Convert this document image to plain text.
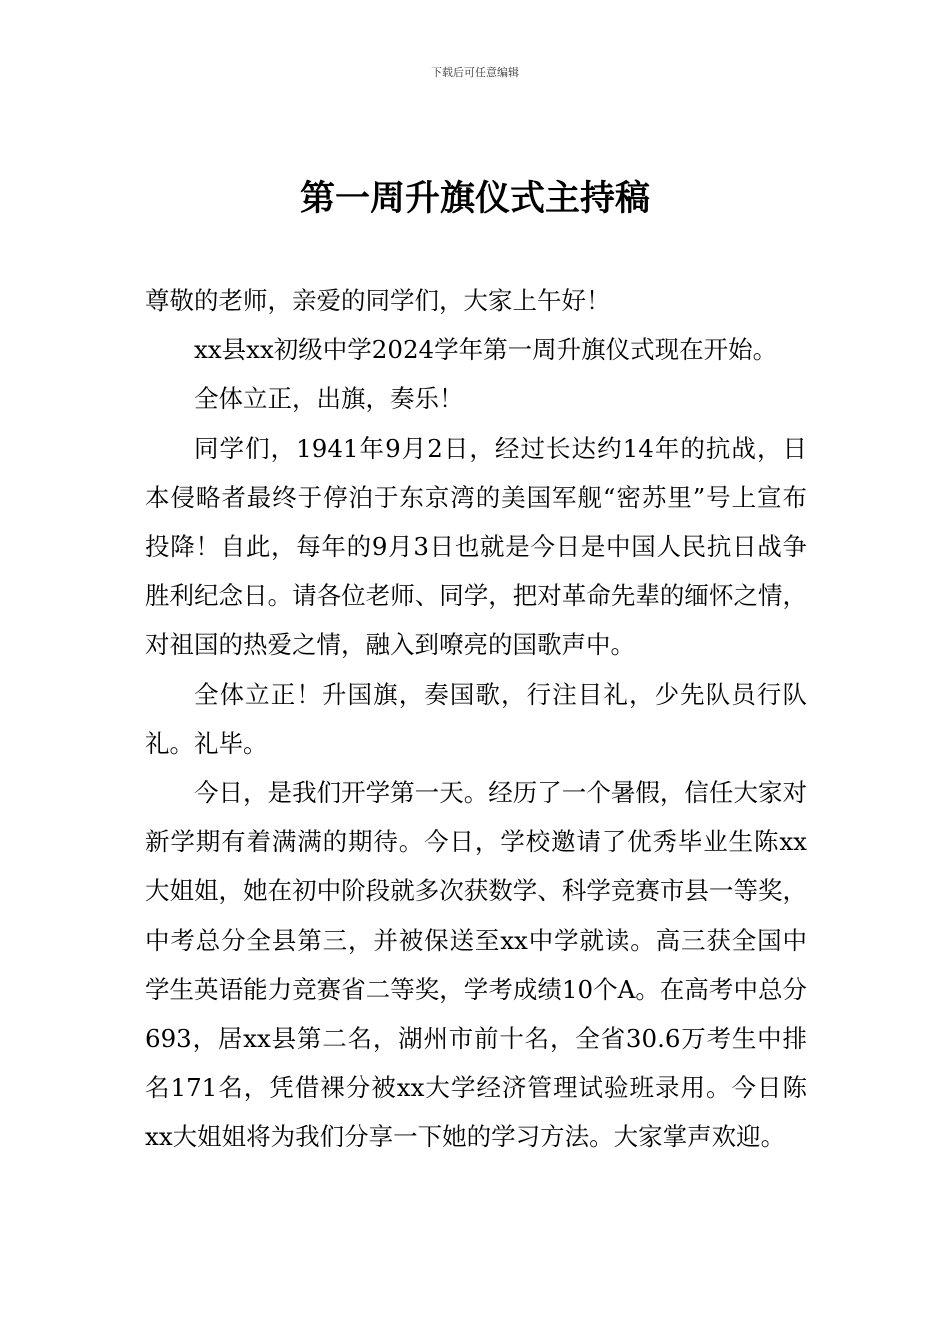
下载后可任意编辑
第一周升旗仪式主持稿

尊敬的老师，亲爱的同学们，大家上午好！

xx县xx初级中学2024学年第一周升旗仪式现在开始。

全体立正，出旗，奏乐！

同学们，1941年9月2日，经过长达约14年的抗战，日本侵略者最终于停泊于东京湾的美国军舰“密苏里”号上宣布投降！自此，每年的9月3日也就是今日是中国人民抗日战争胜利纪念日。请各位老师、同学，把对革命先辈的缅怀之情，对祖国的热爱之情，融入到嘹亮的国歌声中。

全体立正！升国旗，奏国歌，行注目礼，少先队员行队礼。礼毕。

今日，是我们开学第一天。经历了一个暑假，信任大家对新学期有着满满的期待。今日，学校邀请了优秀毕业生陈xx大姐姐，她在初中阶段就多次获数学、科学竞赛市县一等奖，中考总分全县第三，并被保送至xx中学就读。高三获全国中学生英语能力竞赛省二等奖，学考成绩10个A。在高考中总分693，居xx县第二名，湖州市前十名，全省30.6万考生中排名171名，凭借裸分被xx大学经济管理试验班录用。今日陈xx大姐姐将为我们分享一下她的学习方法。大家掌声欢迎。
